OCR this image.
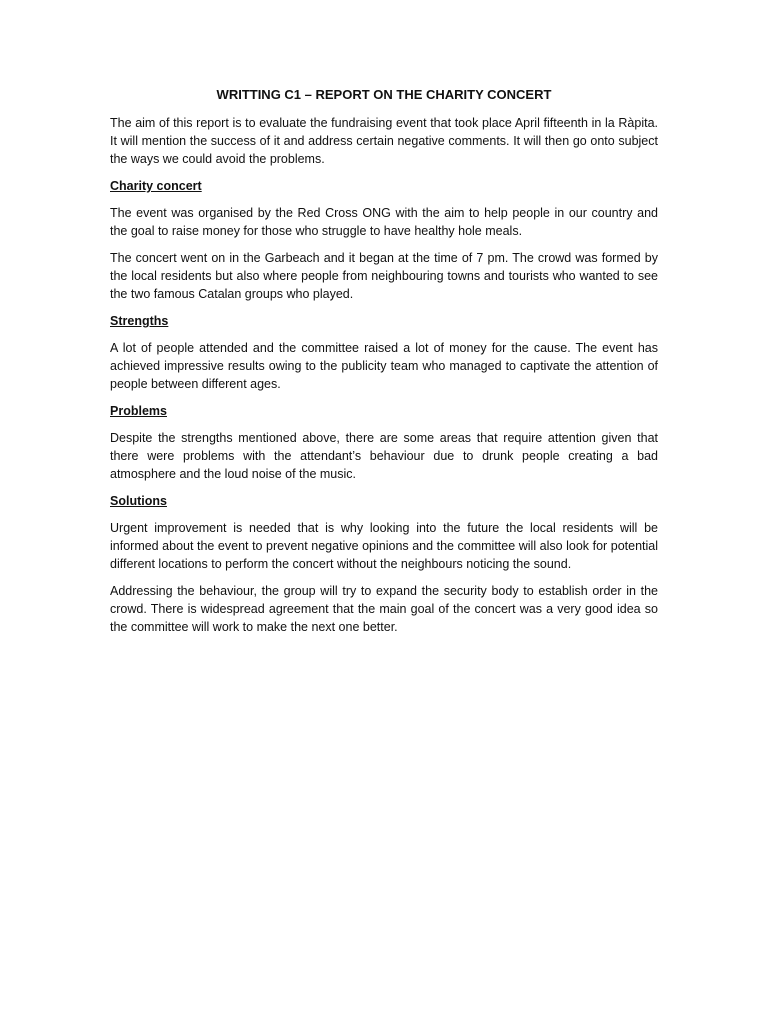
WRITTING C1 – REPORT ON THE CHARITY CONCERT

The aim of this report is to evaluate the fundraising event that took place April fifteenth in la Ràpita. It will mention the success of it and address certain negative comments. It will then go onto subject the ways we could avoid the problems.

Charity concert

The event was organised by the Red Cross ONG with the aim to help people in our country and the goal to raise money for those who struggle to have healthy hole meals.

The concert went on in the Garbeach and it began at the time of 7 pm. The crowd was formed by the local residents but also where people from neighbouring towns and tourists who wanted to see the two famous Catalan groups who played.

Strengths

A lot of people attended and the committee raised a lot of money for the cause. The event has achieved impressive results owing to the publicity team who managed to captivate the attention of people between different ages.

Problems

Despite the strengths mentioned above, there are some areas that require attention given that there were problems with the attendant’s behaviour due to drunk people creating a bad atmosphere and the loud noise of the music.

Solutions

Urgent improvement is needed that is why looking into the future the local residents will be informed about the event to prevent negative opinions and the committee will also look for potential different locations to perform the concert without the neighbours noticing the sound.

Addressing the behaviour, the group will try to expand the security body to establish order in the crowd. There is widespread agreement that the main goal of the concert was a very good idea so the committee will work to make the next one better.
